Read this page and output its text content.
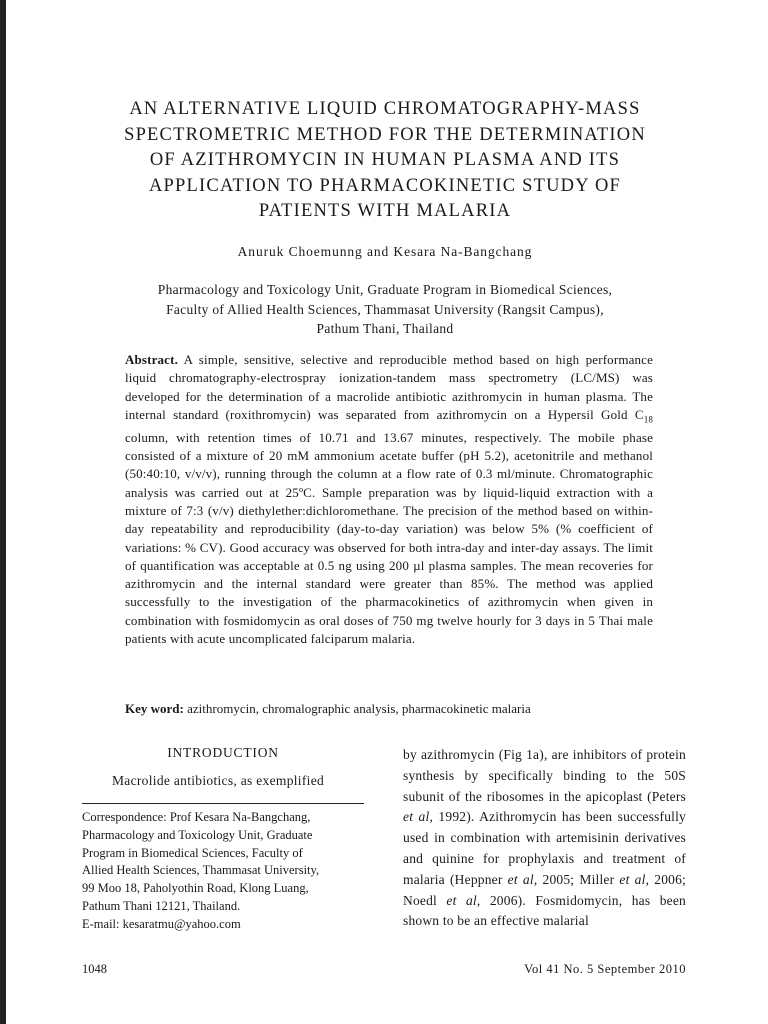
AN ALTERNATIVE LIQUID CHROMATOGRAPHY-MASS
SPECTROMETRIC METHOD FOR THE DETERMINATION
OF AZITHROMYCIN IN HUMAN PLASMA AND ITS
APPLICATION TO PHARMACOKINETIC STUDY OF
PATIENTS WITH MALARIA
Anuruk Choemunng and Kesara Na-Bangchang
Pharmacology and Toxicology Unit, Graduate Program in Biomedical Sciences,
Faculty of Allied Health Sciences, Thammasat University (Rangsit Campus),
Pathum Thani, Thailand
Abstract. A simple, sensitive, selective and reproducible method based on high performance liquid chromatography-electrospray ionization-tandem mass spectrometry (LC/MS) was developed for the determination of a macrolide antibiotic azithromycin in human plasma. The internal standard (roxithromycin) was separated from azithromycin on a Hypersil Gold $C_{18}$ column, with retention times of 10.71 and 13.67 minutes, respectively. The mobile phase consisted of a mixture of 20 mM ammonium acetate buffer (pH 5.2), acetonitrile and methanol (50:40:10, v/v/v), running through the column at a flow rate of 0.3 ml/minute. Chromatographic analysis was carried out at 25ºC. Sample preparation was by liquid-liquid extraction with a mixture of 7:3 (v/v) diethylether:dichloromethane. The precision of the method based on within-day repeatability and reproducibility (day-to-day variation) was below 5% (% coefficient of variations: % CV). Good accuracy was observed for both intra-day and inter-day assays. The limit of quantification was acceptable at 0.5 ng using 200 µl plasma samples. The mean recoveries for azithromycin and the internal standard were greater than 85%. The method was applied successfully to the investigation of the pharmacokinetics of azithromycin when given in combination with fosmidomycin as oral doses of 750 mg twelve hourly for 3 days in 5 Thai male patients with acute uncomplicated falciparum malaria.
Key word: azithromycin, chromalographic analysis, pharmacokinetic malaria
INTRODUCTION
Macrolide antibiotics, as exemplified

Correspondence: Prof Kesara Na-Bangchang,

Pharmacology and Toxicology Unit, Graduate

Program in Biomedical Sciences, Faculty of

Allied Health Sciences, Thammasat University,

99 Moo 18, Paholyothin Road, Klong Luang,

Pathum Thani 12121, Thailand.

E-mail: kesaratmu@yahoo.com

by azithromycin (Fig 1a), are inhibitors of protein synthesis by specifically binding to the 50S subunit of the ribosomes in the apicoplast (Peters et al, 1992). Azithromycin has been successfully used in combination with artemisinin derivatives and quinine for prophylaxis and treatment of malaria (Heppner et al, 2005; Miller et al, 2006; Noedl et al, 2006). Fosmidomycin, has been shown to be an effective malarial
1048	Vol 41 No. 5 September 2010
